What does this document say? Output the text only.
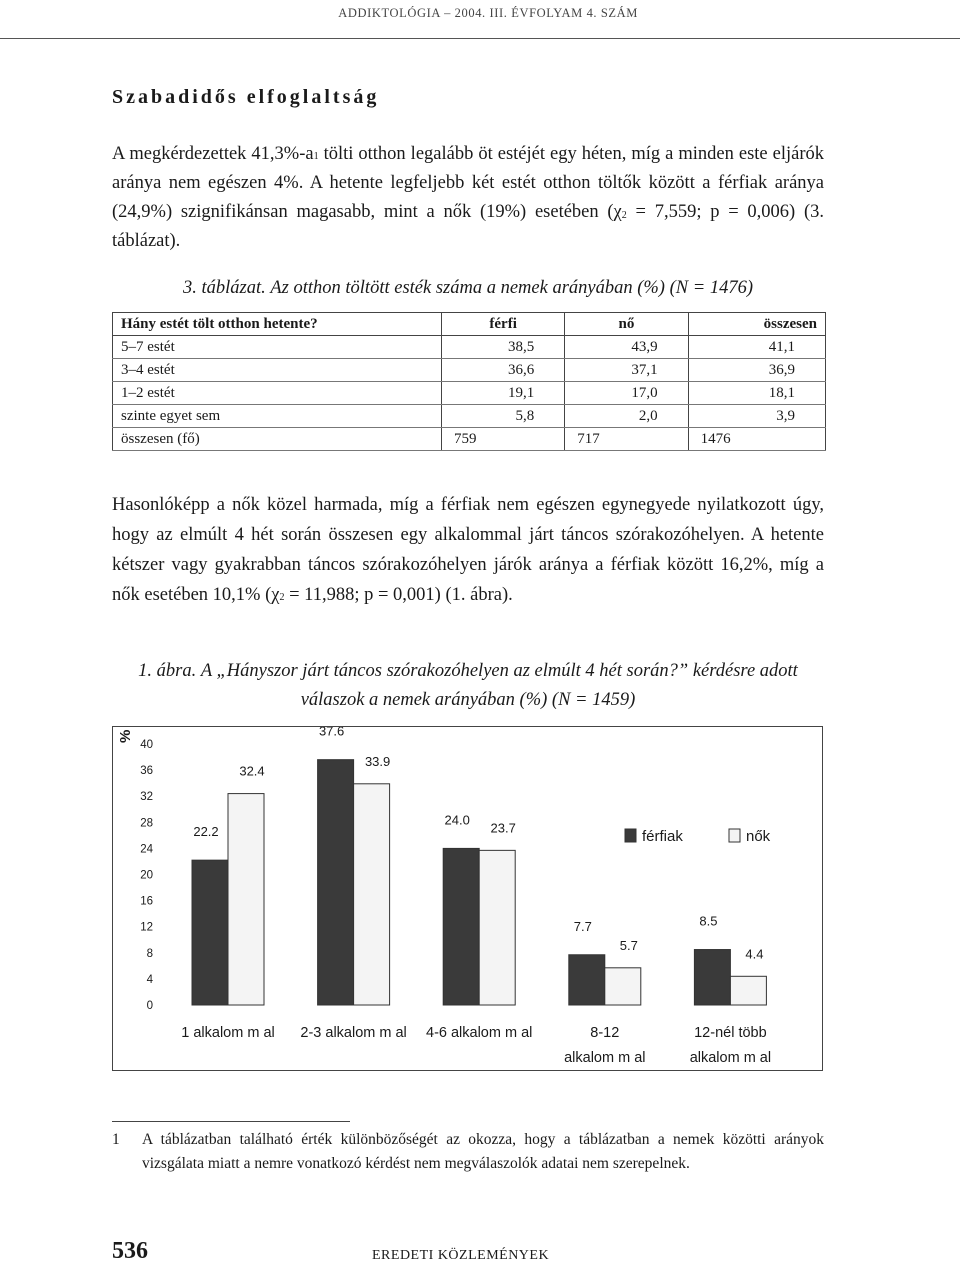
ADDIKTOLÓGIA – 2004. III. ÉVFOLYAM 4. SZÁM
Szabadidős elfoglaltság

A megkérdezettek $41,3\%-a^1$ tölti otthon legalább öt estéjét egy héten, míg a minden este eljárók aránya nem egészen 4%. A hetente legfeljebb két estét otthon töltők között a férfiak aránya (24,9%) szignifikánsan magasabb, mint a nők (19%) esetében ($\chi^2 = 7,559$; p = 0,006) (3. táblázat).

3. táblázat. Az otthon töltött esték száma a nemek arányában (%) (N = 1476)

Hány estét tölt otthon hetente?	férfi	nő	összesen
5–7 estét	38,5	43,9	41,1
3–4 estét	36,6	37,1	36,9
1–2 estét	19,1	17,0	18,1
szinte egyet sem	5,8	2,0	3,9
összesen (fő)	759	717	1476

Hasonlóképp a nők közel harmada, míg a férfiak nem egészen egynegyede nyilatkozott úgy, hogy az elmúlt 4 hét során összesen egy alkalommal járt táncos szórakozóhelyen. A hetente kétszer vagy gyakrabban táncos szórakozóhelyen járók aránya a férfiak között 16,2%, míg a nők esetében 10,1% ($\chi^2 = 11,988$; p = 0,001) (1. ábra).

1. ábra. A „Hányszor járt táncos szórakozóhelyen az elmúlt 4 hét során?” kérdésre adott válaszok a nemek arányában (%) (N = 1459)

%
0
4
8
12
16
20
24
28
32
36
40
22.2
32.4
1 alkalom m al
37.6
33.9
2-3 alkalom m al
24.0
23.7
4-6 alkalom m al
7.7
5.7
8-12
alkalom m al
8.5
4.4
12-nél több
alkalom m al
férfiak	nők
1 A táblázatban található érték különbözőségét az okozza, hogy a táblázatban a nemek közötti arányok vizsgálata miatt a nemre vonatkozó kérdést nem megválaszolók adatai nem szerepelnek.
536	EREDETI KÖZLEMÉNYEK
